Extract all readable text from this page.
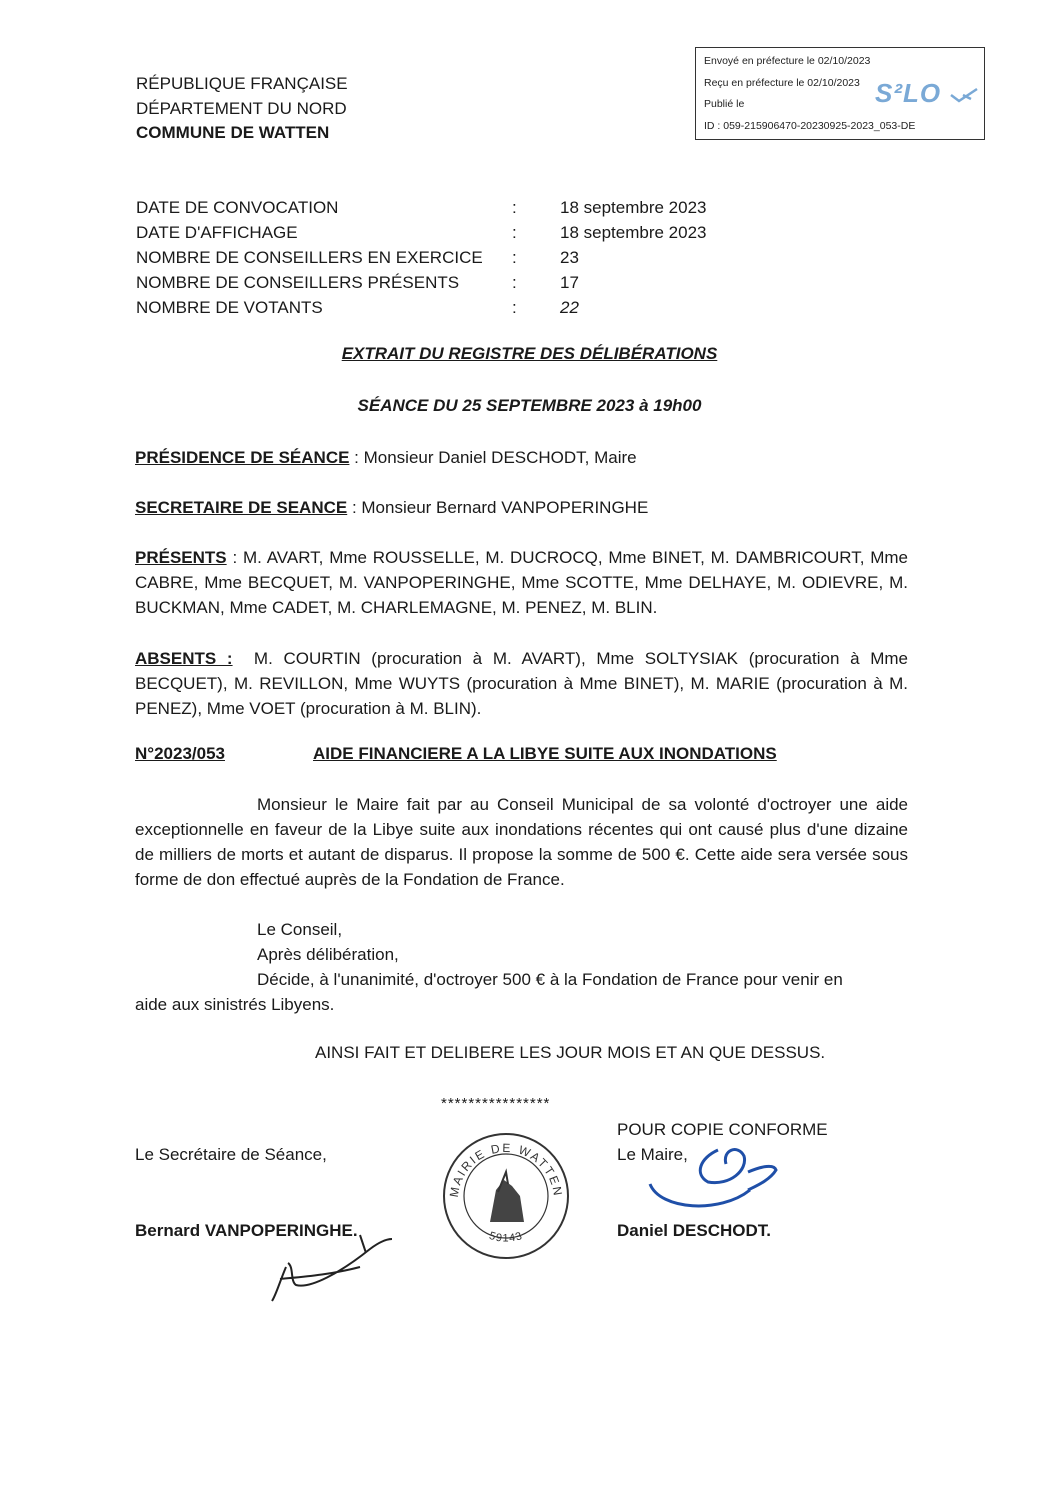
RÉPUBLIQUE FRANÇAISE
DÉPARTEMENT DU NORD
COMMUNE DE WATTEN
Envoyé en préfecture le 02/10/2023
Reçu en préfecture le 02/10/2023
Publié le
ID : 059-215906470-20230925-2023_053-DE
S²LO
DATE DE CONVOCATION	:	18 septembre 2023
DATE D'AFFICHAGE	:	18 septembre 2023
NOMBRE DE CONSEILLERS EN EXERCICE :	23
NOMBRE DE CONSEILLERS PRÉSENTS	:	17
NOMBRE DE VOTANTS	:	22
EXTRAIT DU REGISTRE DES DÉLIBÉRATIONS
SÉANCE DU 25 SEPTEMBRE 2023 à 19h00
PRÉSIDENCE DE SÉANCE : Monsieur Daniel DESCHODT, Maire
SECRETAIRE DE SEANCE : Monsieur Bernard VANPOPERINGHE
PRÉSENTS : M. AVART, Mme ROUSSELLE, M. DUCROCQ, Mme BINET, M. DAMBRICOURT, Mme CABRE, Mme BECQUET, M. VANPOPERINGHE, Mme SCOTTE, Mme DELHAYE, M. ODIEVRE, M. BUCKMAN, Mme CADET, M. CHARLEMAGNE, M. PENEZ, M. BLIN.
ABSENTS :  M. COURTIN (procuration à M. AVART), Mme SOLTYSIAK (procuration à Mme BECQUET), M. REVILLON, Mme WUYTS (procuration à Mme BINET), M. MARIE (procuration à M. PENEZ), Mme VOET (procuration à M. BLIN).
N°2023/053	AIDE FINANCIERE A LA LIBYE SUITE AUX INONDATIONS
Monsieur le Maire fait par au Conseil Municipal de sa volonté d'octroyer une aide exceptionnelle en faveur de la Libye suite aux inondations récentes qui ont causé plus d'une dizaine de milliers de morts et autant de disparus. Il propose la somme de 500 €. Cette aide sera versée sous forme de don effectué auprès de la Fondation de France.
Le Conseil,
Après délibération,
Décide, à l'unanimité, d'octroyer 500 € à la Fondation de France pour venir en
aide aux sinistrés Libyens.
AINSI FAIT ET DELIBERE LES JOUR MOIS ET AN QUE DESSUS.
****************
Le Secrétaire de Séance,
Bernard VANPOPERINGHE.
POUR COPIE CONFORME
Le Maire,
Daniel DESCHODT.
MAIRIE DE WATTEN
59143
